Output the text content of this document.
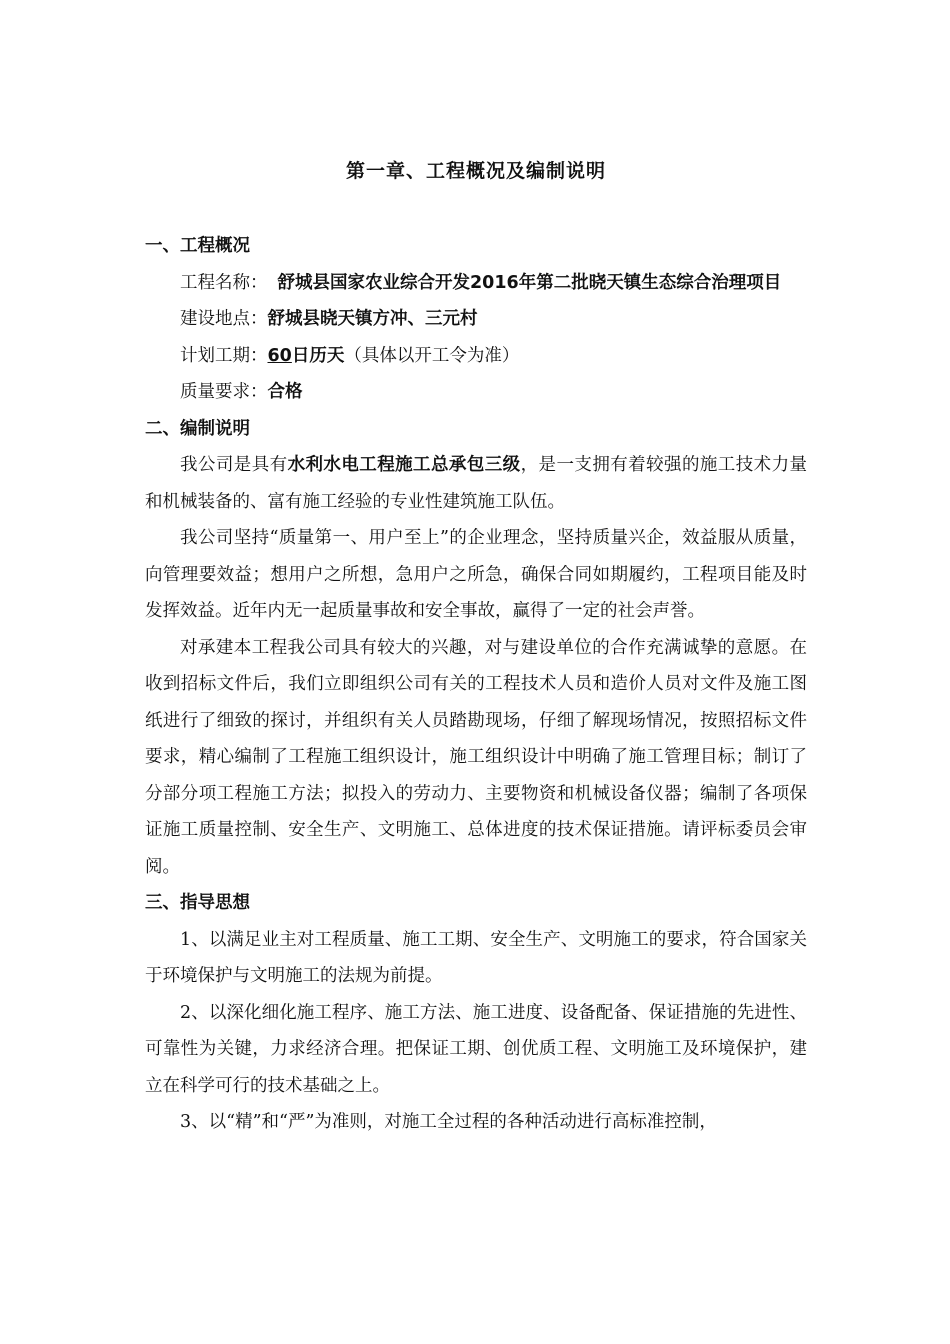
第一章、工程概况及编制说明

一、工程概况

工程名称： 舒城县国家农业综合开发2016年第二批晓天镇生态综合治理项目

建设地点：舒城县晓天镇方冲、三元村

计划工期：60日历天（具体以开工令为准）

质量要求：合格

二、编制说明

我公司是具有水利水电工程施工总承包三级，是一支拥有着较强的施工技术力量和机械装备的、富有施工经验的专业性建筑施工队伍。

我公司坚持“质量第一、用户至上”的企业理念，坚持质量兴企，效益服从质量，向管理要效益；想用户之所想，急用户之所急，确保合同如期履约，工程项目能及时发挥效益。近年内无一起质量事故和安全事故，赢得了一定的社会声誉。

对承建本工程我公司具有较大的兴趣，对与建设单位的合作充满诚挚的意愿。在收到招标文件后，我们立即组织公司有关的工程技术人员和造价人员对文件及施工图纸进行了细致的探讨，并组织有关人员踏勘现场，仔细了解现场情况，按照招标文件要求，精心编制了工程施工组织设计，施工组织设计中明确了施工管理目标；制订了分部分项工程施工方法；拟投入的劳动力、主要物资和机械设备仪器；编制了各项保证施工质量控制、安全生产、文明施工、总体进度的技术保证措施。请评标委员会审阅。

三、指导思想

1、以满足业主对工程质量、施工工期、安全生产、文明施工的要求，符合国家关于环境保护与文明施工的法规为前提。

2、以深化细化施工程序、施工方法、施工进度、设备配备、保证措施的先进性、可靠性为关键，力求经济合理。把保证工期、创优质工程、文明施工及环境保护，建立在科学可行的技术基础之上。

3、以“精”和“严”为准则，对施工全过程的各种活动进行高标准控制，
